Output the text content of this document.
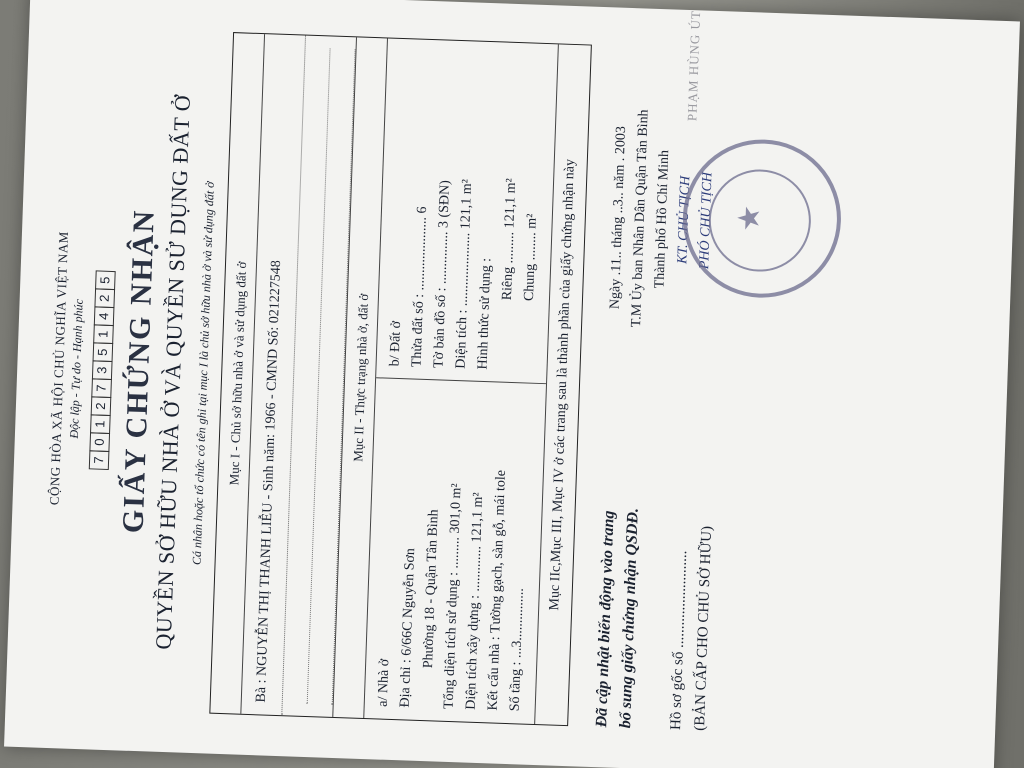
CỘNG HÒA XÃ HỘI CHỦ NGHĨA VIỆT NAM
Độc lập - Tự do - Hạnh phúc
7
0
1
2
7
3
5
1
4
2
5 GIẤY CHỨNG NHẬN
QUYỀN SỞ HỮU NHÀ Ở VÀ QUYỀN SỬ DỤNG ĐẤT Ở
Cá nhân hoặc tổ chức có tên ghi tại mục I là chủ sở hữu nhà ở và sử dụng đất ở Mục I - Chủ sở hữu nhà ở và sử dụng đất ở Bà : NGUYỄN THỊ THANH LIỄU - Sinh năm: 1966 - CMND Số: 021227548	Mục II - Thực trạng nhà ở, đất ở
a/ Nhà ở Địa chỉ : 6/66C Nguyễn Sơn Phường 18 - Quận Tân Bình Tổng diện tích sử dụng : ......... 301,0 m² Diện tích xây dựng : ............. 121,1 m² Kết cấu nhà : Tường gạch, sàn gỗ, mái tole
Số tầng : ...3...............
b/ Đất ở Thửa đất số : ..................... 6 Tờ bản đồ số : ............... 3 (SĐN) Diện tích : ..................... 121,1 m² Hình thức sử dụng :
Riêng ......... 121,1 m² Chung ........ m² Mục IIc,Mục III, Mục IV ở các trang sau là thành phần của giấy chứng nhận này
Đã cập nhật biến động vào trang bổ sung giấy chứng nhận QSDĐ.	Hồ sơ gốc số .......................... (BẢN CẤP CHO CHỦ SỞ HỮU)
Ngày .11.. tháng ..3.. năm . 2003 T.M Ủy ban Nhân Dân Quận Tân Bình Thành phố Hồ Chí Minh KT. CHỦ TỊCH PHÓ CHỦ TỊCH ★
PHẠM HÙNG ÚT
